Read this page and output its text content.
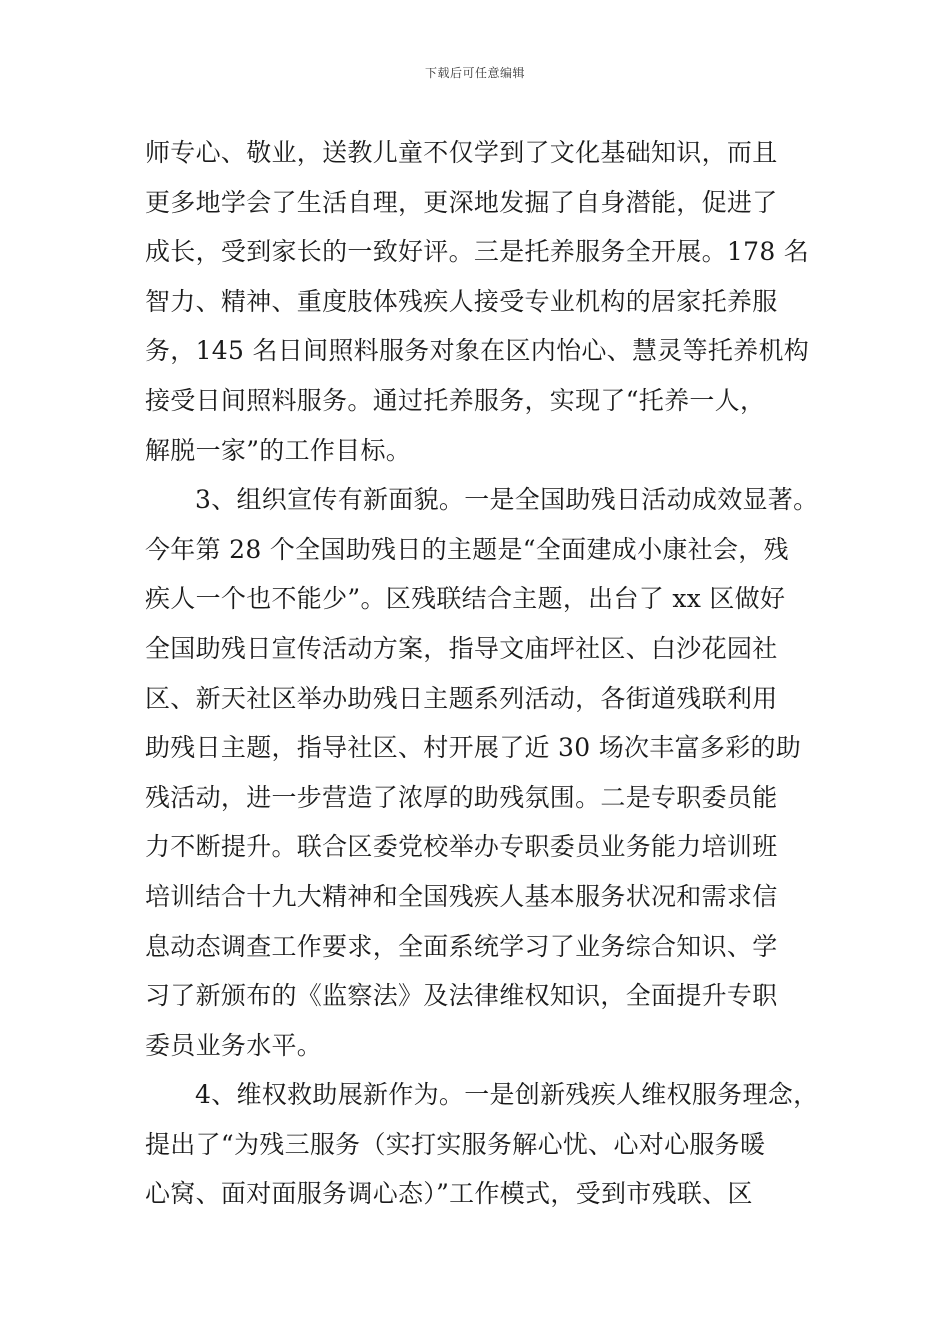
下载后可任意编辑
师专心、敬业，送教儿童不仅学到了文化基础知识，而且
更多地学会了生活自理，更深地发掘了自身潜能，促进了
成长，受到家长的一致好评。三是托养服务全开展。178 名
智力、精神、重度肢体残疾人接受专业机构的居家托养服
务，145 名日间照料服务对象在区内怡心、慧灵等托养机构
接受日间照料服务。通过托养服务，实现了“托养一人，
解脱一家”的工作目标。
3、组织宣传有新面貌。一是全国助残日活动成效显著。
今年第 28 个全国助残日的主题是“全面建成小康社会，残
疾人一个也不能少”。区残联结合主题，出台了 xx 区做好
全国助残日宣传活动方案，指导文庙坪社区、白沙花园社
区、新天社区举办助残日主题系列活动，各街道残联利用
助残日主题，指导社区、村开展了近 30 场次丰富多彩的助
残活动，进一步营造了浓厚的助残氛围。二是专职委员能
力不断提升。联合区委党校举办专职委员业务能力培训班
培训结合十九大精神和全国残疾人基本服务状况和需求信
息动态调查工作要求，全面系统学习了业务综合知识、学
习了新颁布的《监察法》及法律维权知识，全面提升专职
委员业务水平。
4、维权救助展新作为。一是创新残疾人维权服务理念，
提出了“为残三服务（实打实服务解心忧、心对心服务暖
心窝、面对面服务调心态）”工作模式，受到市残联、区
